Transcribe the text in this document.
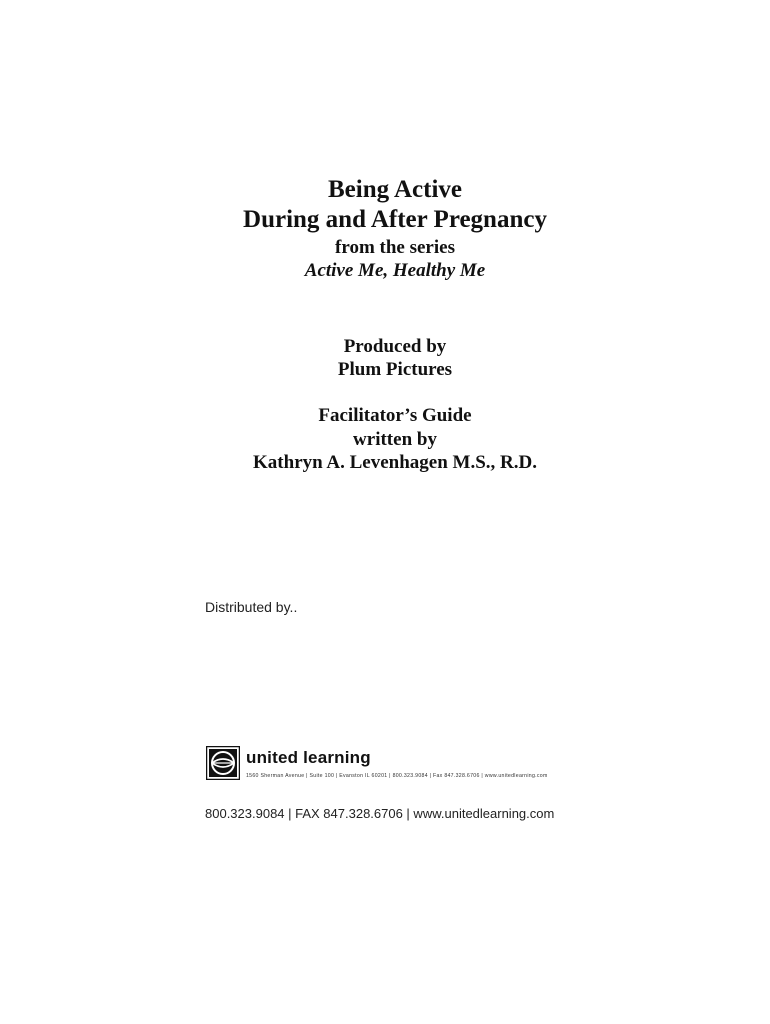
Being Active
During and After Pregnancy

from the series

Active Me, Healthy Me

Produced by

Plum Pictures

Facilitator’s Guide

written by

Kathryn A. Levenhagen M.S., R.D.

Distributed by..

united learning
1560 Sherman Avenue | Suite 100 | Evanston IL 60201 | 800.323.9084 | Fax 847.328.6706 | www.unitedlearning.com

800.323.9084 | FAX 847.328.6706 | www.unitedlearning.com
